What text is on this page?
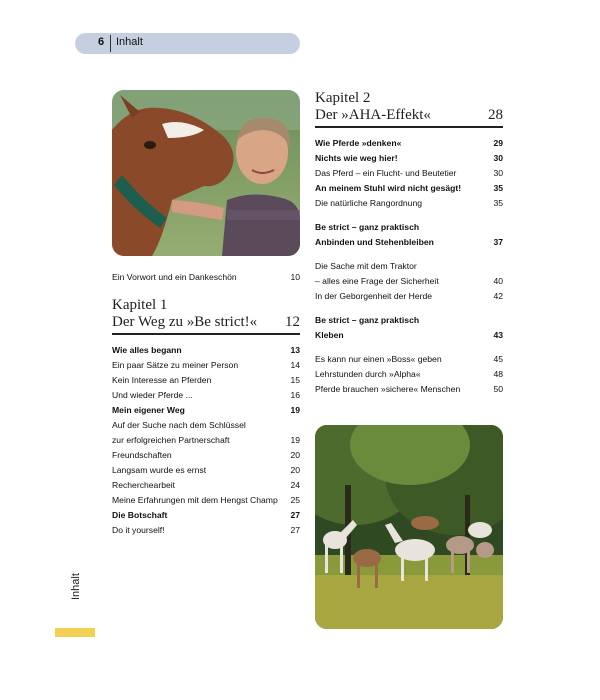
6 Inhalt
Ein Vorwort und ein Dankeschön	10
Kapitel 1
Der Weg zu »Be strict!« 12
Wie alles begann	13
Ein paar Sätze zu meiner Person	14
Kein Interesse an Pferden	15
Und wieder Pferde ...	16
Mein eigener Weg	19
Auf der Suche nach dem Schlüssel
zur erfolgreichen Partnerschaft	19
Freundschaften	20
Langsam wurde es ernst	20
Recherchearbeit	24
Meine Erfahrungen mit dem Hengst Champ 25
Die Botschaft	27
Do it yourself!	27
Kapitel 2
Der »AHA-Effekt«	28
Wie Pferde »denken«	29
Nichts wie weg hier!	30
Das Pferd – ein Flucht- und Beutetier	30
An meinem Stuhl wird nicht gesägt!	35
Die natürliche Rangordnung	35
Be strict – ganz praktisch
Anbinden und Stehenbleiben	37
Die Sache mit dem Traktor
– alles eine Frage der Sicherheit	40
In der Geborgenheit der Herde	42
Be strict – ganz praktisch
Kleben	43
Es kann nur einen »Boss« geben	45
Lehrstunden durch »Alpha«	48
Pferde brauchen »sichere« Menschen	50
Inhalt
